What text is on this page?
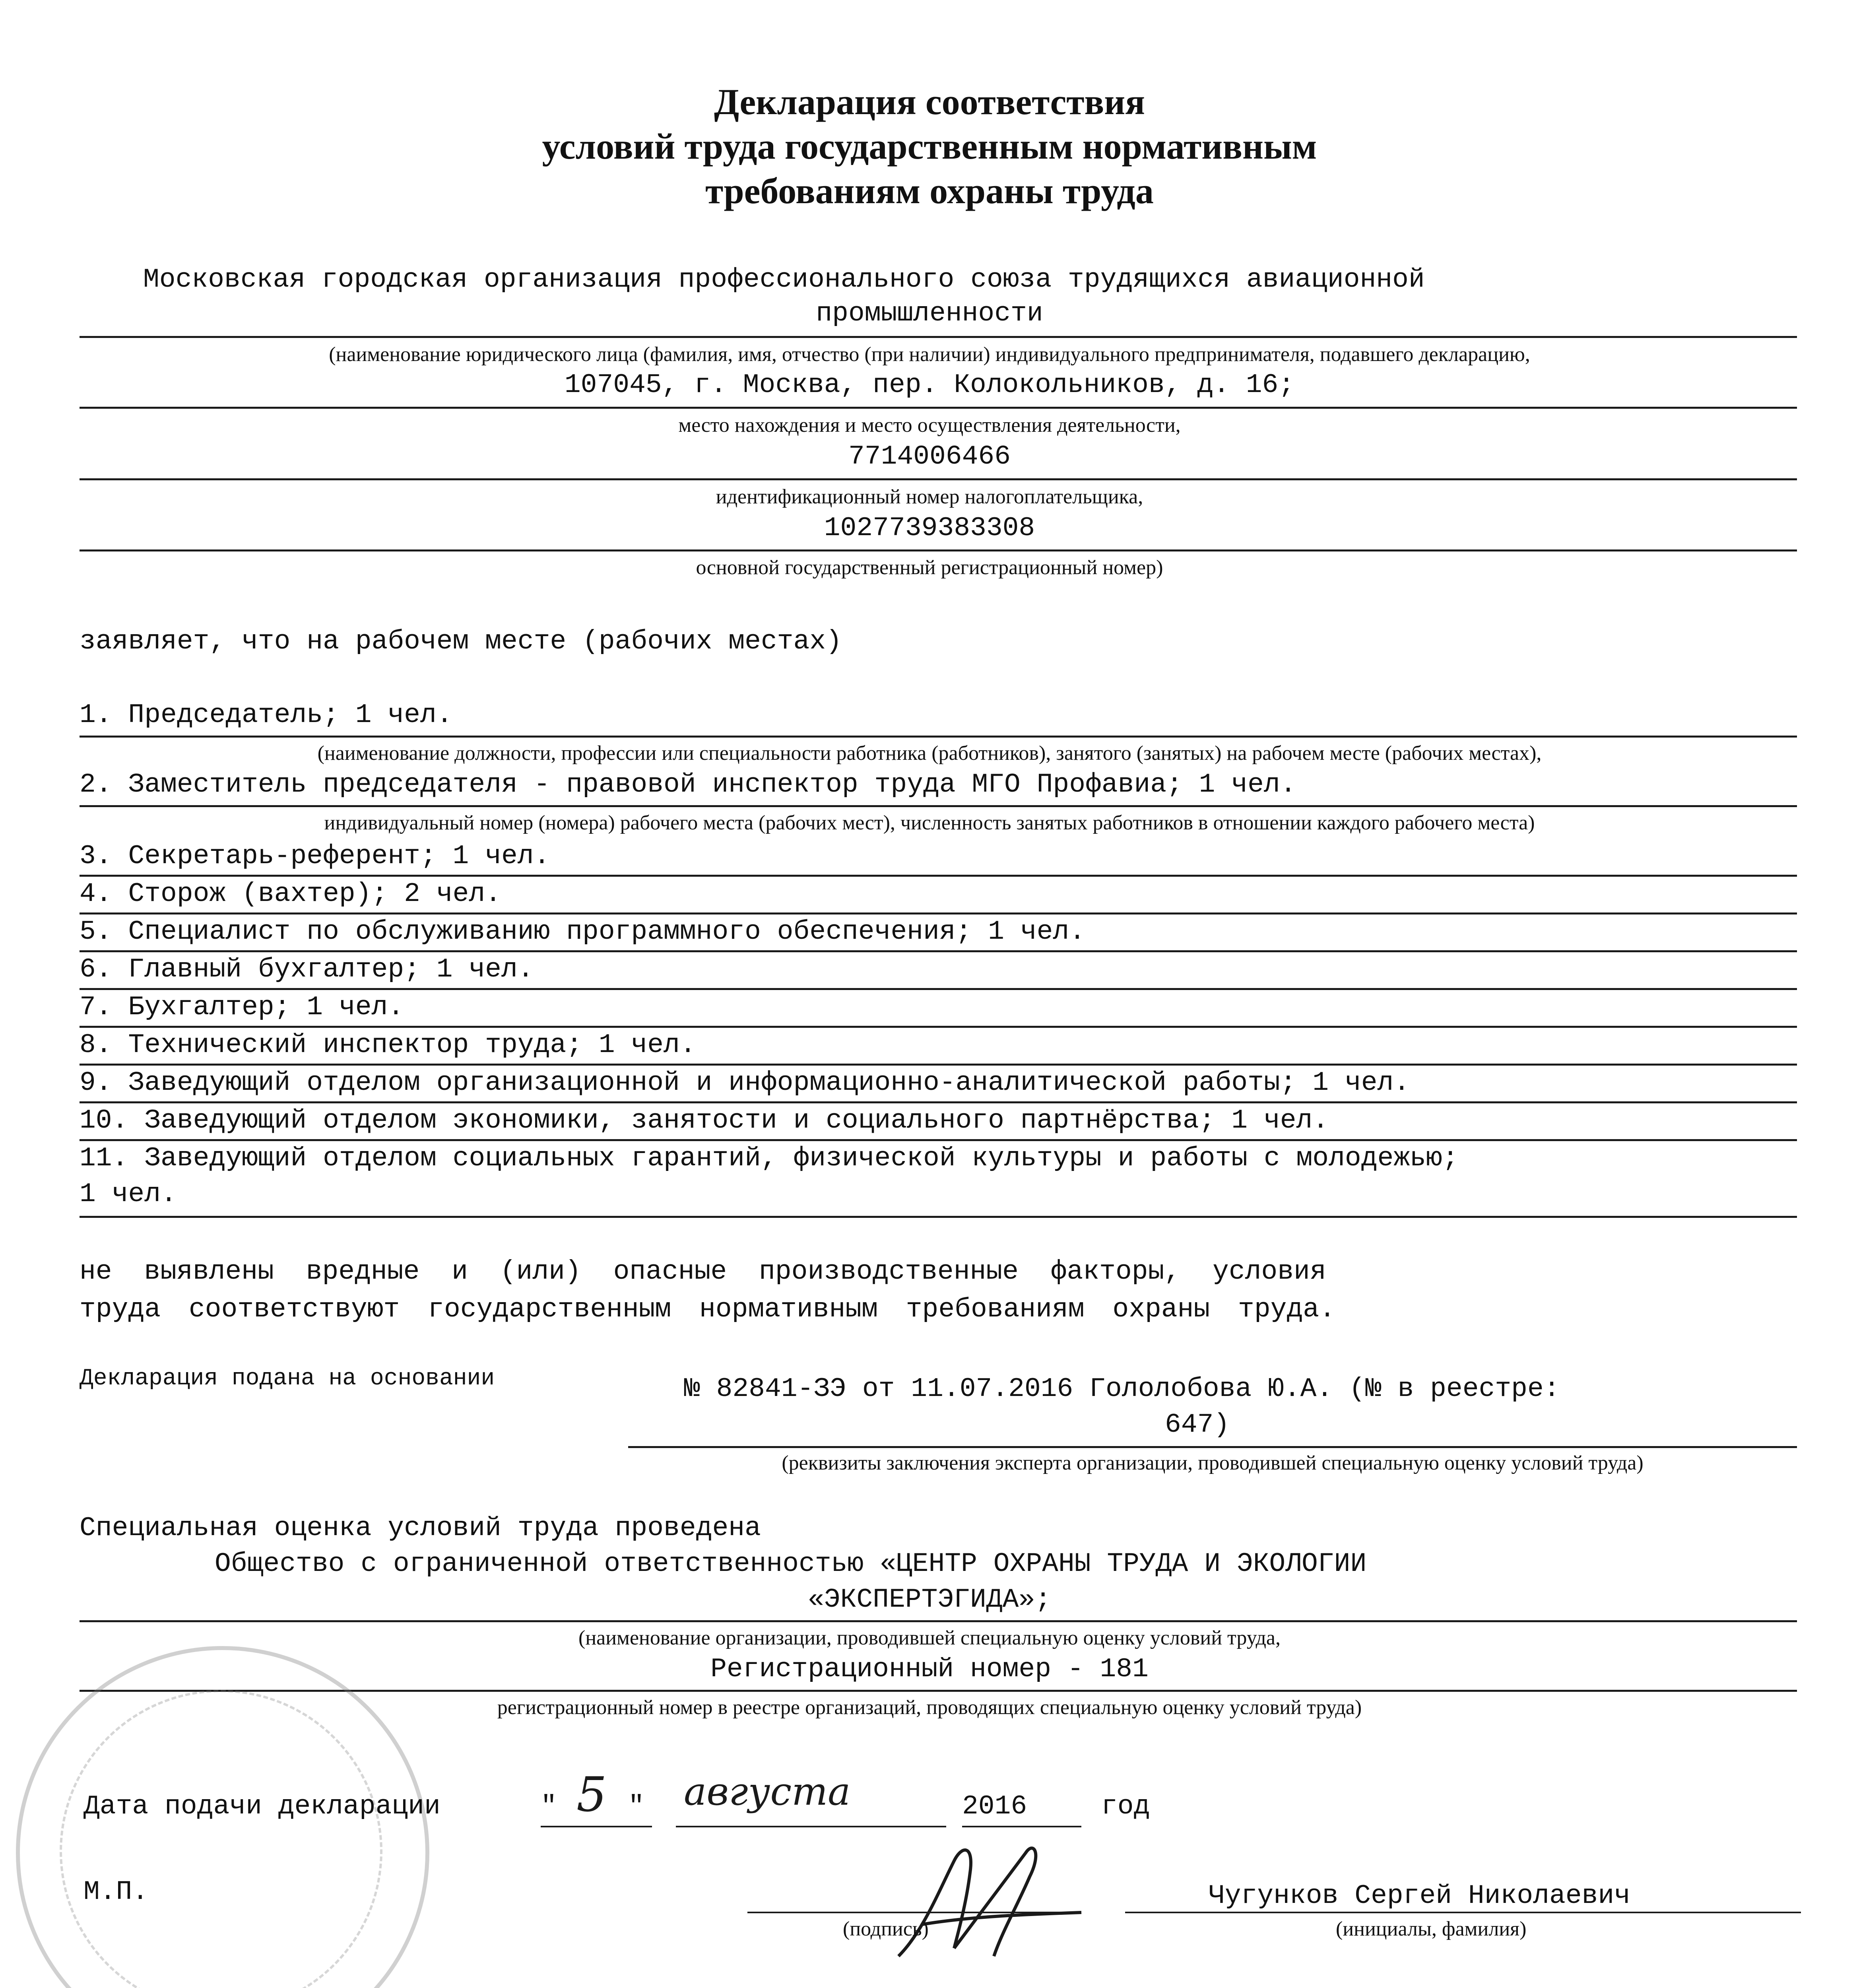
Декларация соответствия
условий труда государственным нормативным
требованиям охраны труда
Московская городская организация профессионального союза трудящихся авиационной
промышленности
(наименование юридического лица (фамилия, имя, отчество (при наличии) индивидуального предпринимателя, подавшего декларацию,
107045, г. Москва, пер. Колокольников, д. 16;
место нахождения и место осуществления деятельности,
7714006466
идентификационный номер налогоплательщика,
1027739383308
основной государственный регистрационный номер)
заявляет, что на рабочем месте (рабочих местах)
1. Председатель; 1 чел.
(наименование должности, профессии или специальности работника (работников), занятого (занятых) на рабочем месте (рабочих местах),
2. Заместитель председателя - правовой инспектор труда МГО Профавиа; 1 чел.
индивидуальный номер (номера) рабочего места (рабочих мест), численность занятых работников в отношении каждого рабочего места)
3. Секретарь-референт; 1 чел.
4. Сторож (вахтер); 2 чел.
5. Специалист по обслуживанию программного обеспечения; 1 чел.
6. Главный бухгалтер; 1 чел.
7. Бухгалтер; 1 чел.
8. Технический инспектор труда; 1 чел.
9. Заведующий отделом организационной и информационно-аналитической работы; 1 чел.
10. Заведующий отделом экономики, занятости и социального партнёрства; 1 чел.
11. Заведующий отделом социальных гарантий, физической культуры и работы с молодежью;
1 чел.
не выявлены вредные и (или) опасные производственные факторы, условия
труда соответствуют государственным нормативным требованиям охраны труда.
Декларация подана на основании	№ 82841-ЗЭ от 11.07.2016 Гололобова Ю.А. (№ в реестре:
647)
(реквизиты заключения эксперта организации, проводившей специальную оценку условий труда)
Специальная оценка условий труда проведена
Общество с ограниченной ответственностью «ЦЕНТР ОХРАНЫ ТРУДА И ЭКОЛОГИИ
«ЭКСПЕРТЭГИДА»;
(наименование организации, проводившей специальную оценку условий труда,
Регистрационный номер - 181
регистрационный номер в реестре организаций, проводящих специальную оценку условий труда)
Дата подачи декларации	" 5 " августа	2016	год
М.П.
(подпись)
Чугунков Сергей Николаевич
(инициалы, фамилия)
